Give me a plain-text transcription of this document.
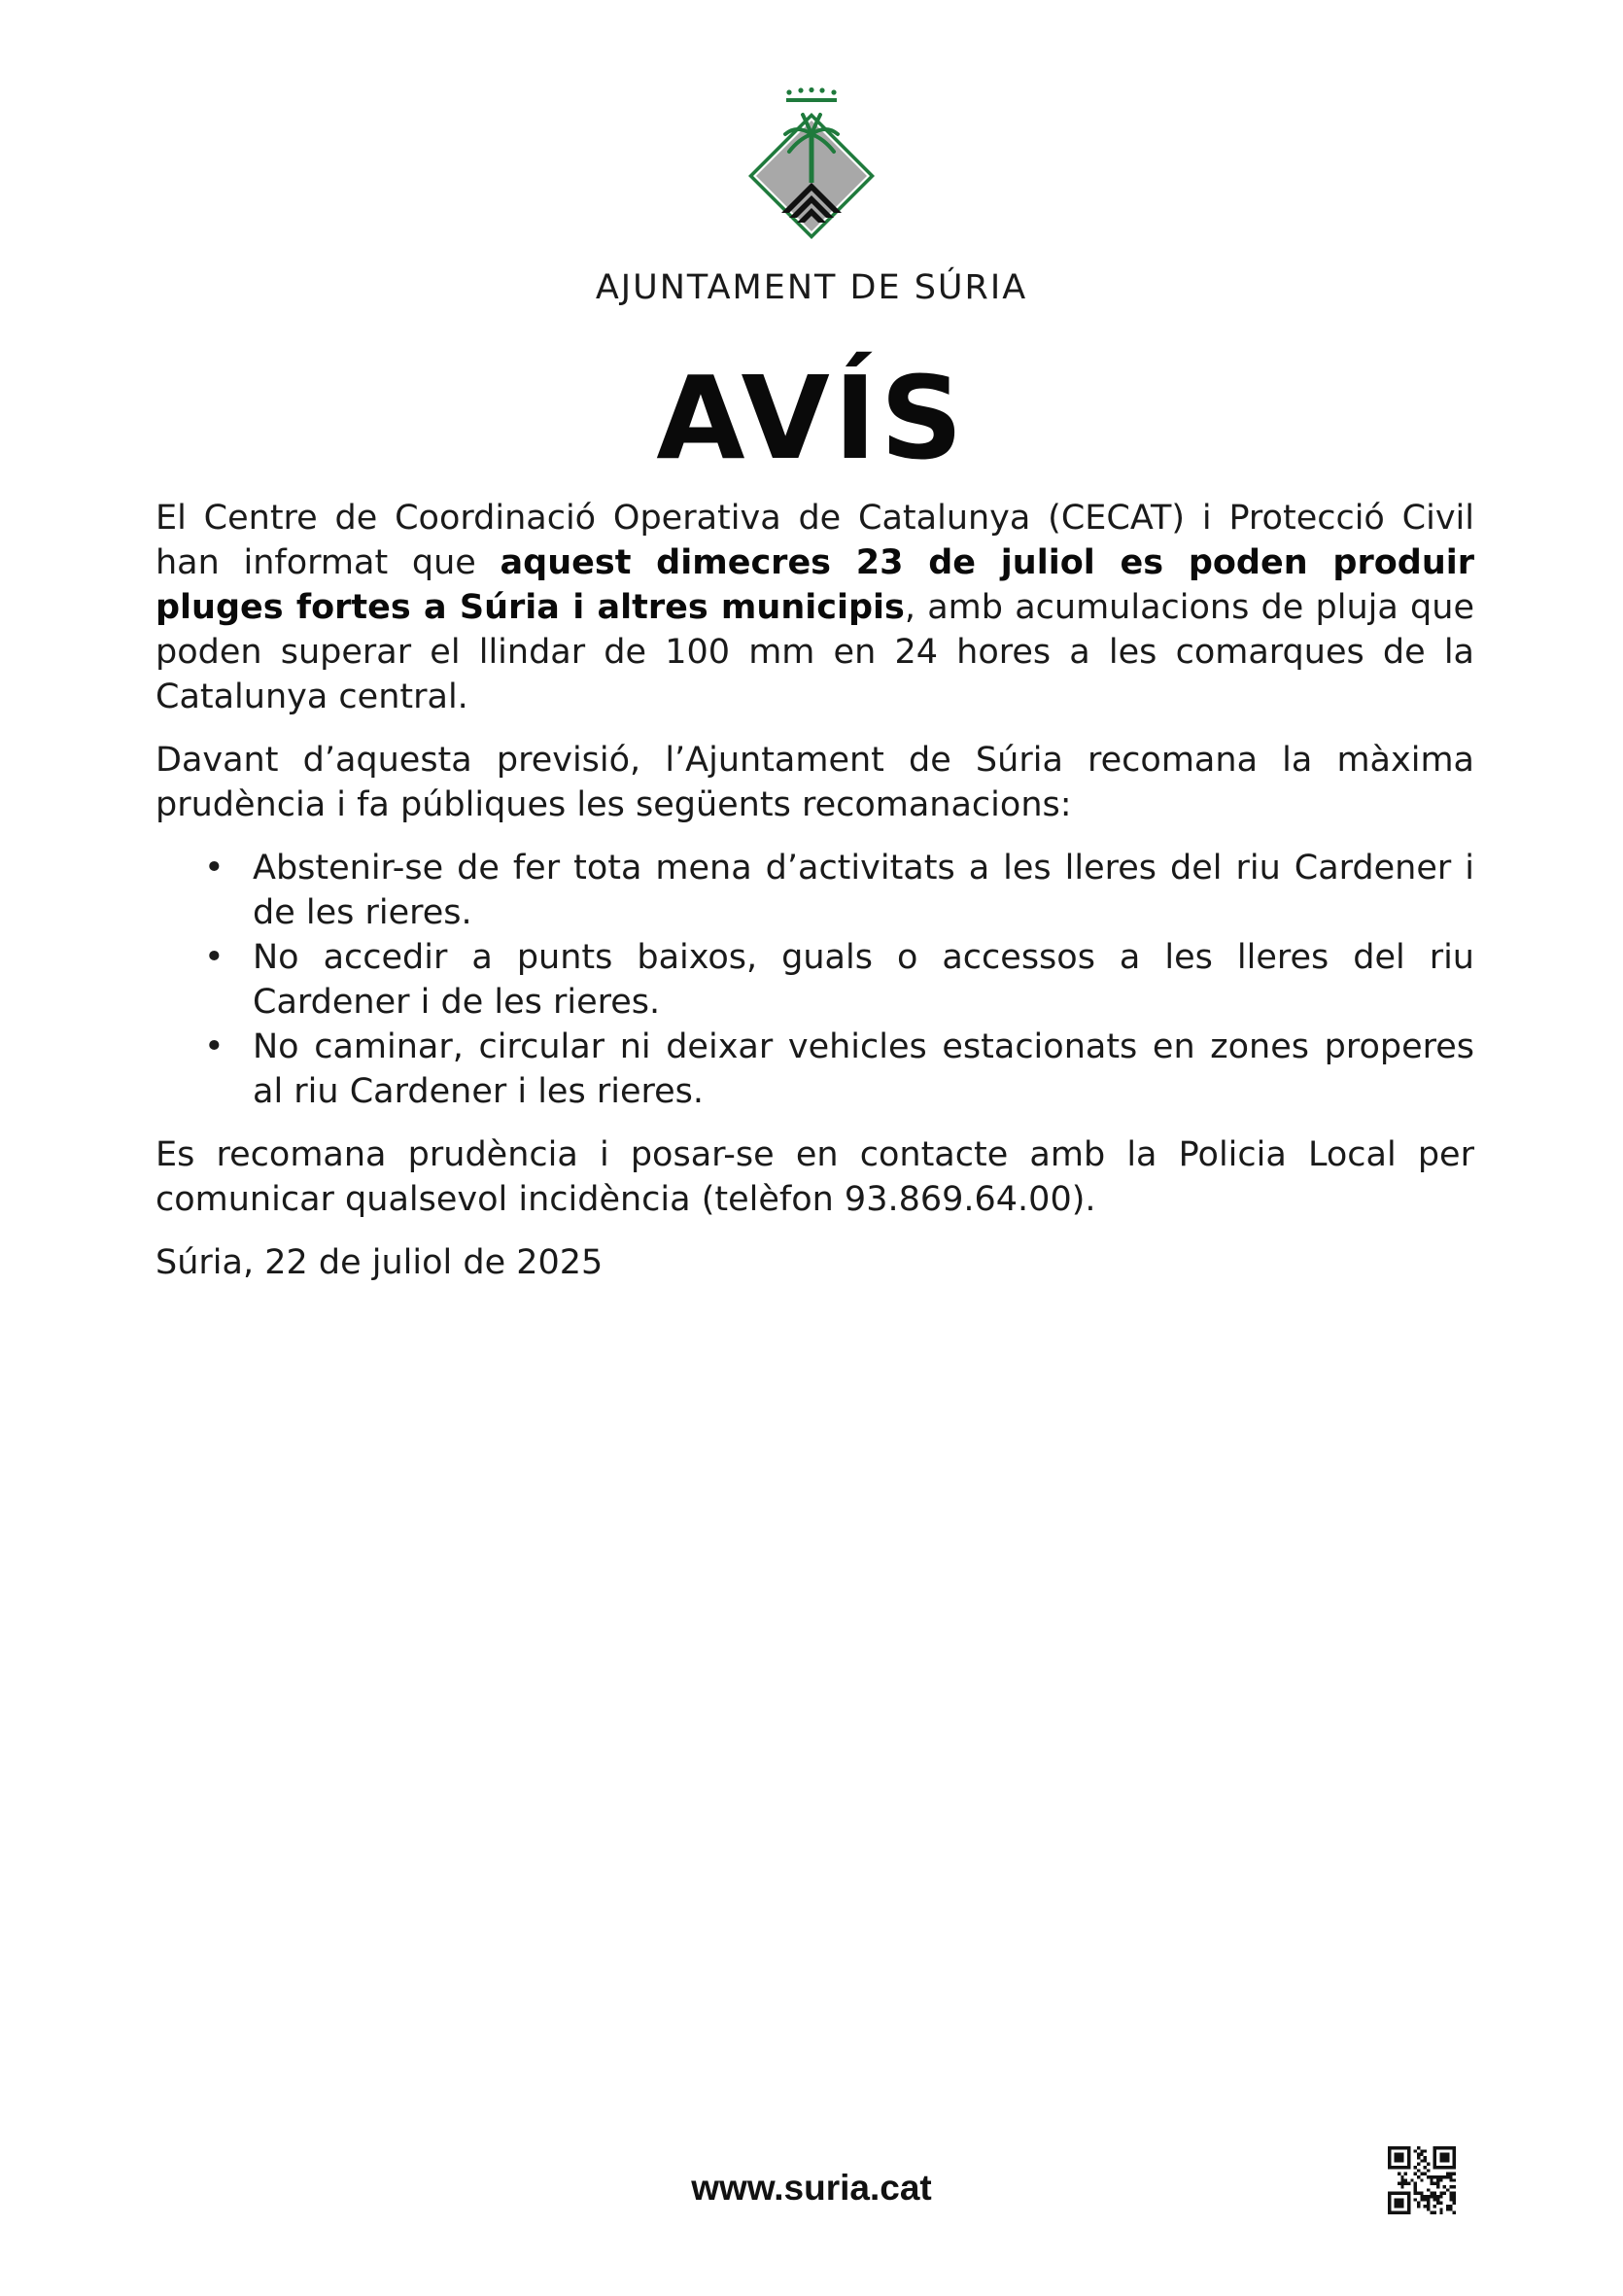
AJUNTAMENT DE SÚRIA
AVÍS

El Centre de Coordinació Operativa de Catalunya (CECAT) i Protecció Civil han informat que aquest dimecres 23 de juliol es poden produir pluges fortes a Súria i altres municipis, amb acumulacions de pluja que poden superar el llindar de 100 mm en 24 hores a les comarques de la Catalunya central.

Davant d’aquesta previsió, l’Ajuntament de Súria recomana la màxima prudència i fa públiques les següents recomanacions:

• Abstenir-se de fer tota mena d’activitats a les lleres del riu Cardener i de les rieres.
• No accedir a punts baixos, guals o accessos a les lleres del riu Cardener i de les rieres.
• No caminar, circular ni deixar vehicles estacionats en zones properes al riu Cardener i les rieres.

Es recomana prudència i posar-se en contacte amb la Policia Local per comunicar qualsevol incidència (telèfon 93.869.64.00).

Súria, 22 de juliol de 2025

www.suria.cat
